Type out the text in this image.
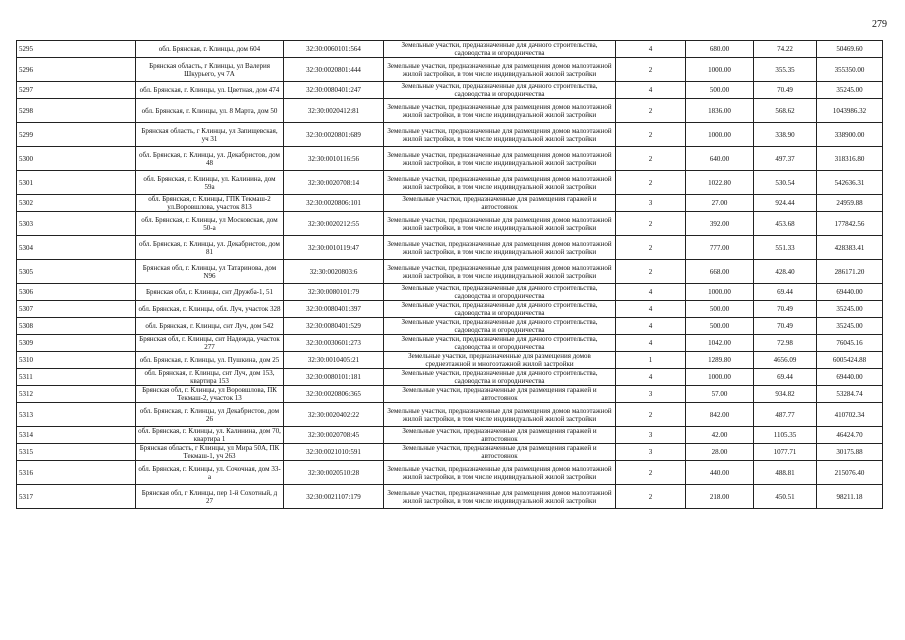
279
5295	обл. Брянская, г. Клинцы, дом 604	32:30:0060101:564	Земельные участки, предназначенные для дачного строительства, садоводства и огородничества	4	680.00	74.22	50469.60
5296	Брянская область, г Клинцы, ул Валерия Шкурьего, уч 7А	32:30:0020801:444	Земельные участки, предназначенные для размещения домов малоэтажной жилой застройки, в том числе индивидуальной жилой застройки	2	1000.00	355.35	355350.00
5297	обл. Брянская, г. Клинцы, ул. Цветная, дом 474	32:30:0080401:247	Земельные участки, предназначенные для дачного строительства, садоводства и огородничества	4	500.00	70.49	35245.00
5298	обл. Брянская, г. Клинцы, ул. 8 Марта, дом 50	32:30:0020412:81	Земельные участки, предназначенные для размещения домов малоэтажной жилой застройки, в том числе индивидуальной жилой застройки	2	1836.00	568.62	1043986.32
5299	Брянская область, г Клинцы, ул Запищевская, уч 31	32:30:0020801:689	Земельные участки, предназначенные для размещения домов малоэтажной жилой застройки, в том числе индивидуальной жилой застройки	2	1000.00	338.90	338900.00
5300	обл. Брянская, г. Клинцы, ул. Декабристов, дом 48	32:30:0010116:56	Земельные участки, предназначенные для размещения домов малоэтажной жилой застройки, в том числе индивидуальной жилой застройки	2	640.00	497.37	318316.80
5301	обл. Брянская, г. Клинцы, ул. Калинина, дом 59а	32:30:0020708:14	Земельные участки, предназначенные для размещения домов малоэтажной жилой застройки, в том числе индивидуальной жилой застройки	2	1022.80	530.54	542636.31
5302	обл. Брянская, г. Клинцы, ГПК Текмаш-2 ул.Воровшлова, участок 813	32:30:0020806:101	Земельные участки, предназначенные для размещения гаражей и автостоянок	3	27.00	924.44	24959.88
5303	обл. Брянская, г. Клинцы, ул Московская, дом 50-а	32:30:0020212:55	Земельные участки, предназначенные для размещения домов малоэтажной жилой застройки, в том числе индивидуальной жилой застройки	2	392.00	453.68	177842.56
5304	обл. Брянская, г. Клинцы, ул. Декабристов, дом 81	32:30:0010119:47	Земельные участки, предназначенные для размещения домов малоэтажной жилой застройки, в том числе индивидуальной жилой застройки	2	777.00	551.33	428383.41
5305	Брянская обл, г. Клинцы, ул Татаринова, дом N96	32:30:0020803:6	Земельные участки, предназначенные для размещения домов малоэтажной жилой застройки, в том числе индивидуальной жилой застройки	2	668.00	428.40	286171.20
5306	Брянская обл, г. Клинцы, снт Дружба-1, 51	32:30:0080101:79	Земельные участки, предназначенные для дачного строительства, садоводства и огородничества	4	1000.00	69.44	69440.00
5307	обл. Брянская, г. Клинцы, обл. Луч, участок 328	32:30:0080401:397	Земельные участки, предназначенные для дачного строительства, садоводства и огородничества	4	500.00	70.49	35245.00
5308	обл. Брянская, г. Клинцы, снт Луч, дом 542	32:30:0080401:529	Земельные участки, предназначенные для дачного строительства, садоводства и огородничества	4	500.00	70.49	35245.00
5309	Брянская обл, г. Клинцы, снт Надежда, участок 277	32:30:0030601:273	Земельные участки, предназначенные для дачного строительства, садоводства и огородничества	4	1042.00	72.98	76045.16
5310	обл. Брянская, г. Клинцы, ул. Пушкина, дом 25	32:30:0010405:21	Земельные участки, предназначенные для размещения домов среднеэтажной и многоэтажной жилой застройки	1	1289.80	4656.09	6005424.88
5311	обл. Брянская, г. Клинцы, снт Луч, дом 153, квартира 153	32:30:0080101:181	Земельные участки, предназначенные для дачного строительства, садоводства и огородничества	4	1000.00	69.44	69440.00
5312	Брянская обл, г. Клинцы, ул Воровшлова, ПК Текмаш-2, участок 13	32:30:0020806:365	Земельные участки, предназначенные для размещения гаражей и автостоянок	3	57.00	934.82	53284.74
5313	обл. Брянская, г. Клинцы, ул Декабристов, дом 26	32:30:0020402:22	Земельные участки, предназначенные для размещения домов малоэтажной жилой застройки, в том числе индивидуальной жилой застройки	2	842.00	487.77	410702.34
5314	обл. Брянская, г. Клинцы, ул. Калинина, дом 70, квартира 1	32:30:0020708:45	Земельные участки, предназначенные для размещения гаражей и автостоянок	3	42.00	1105.35	46424.70
5315	Брянская область, г Клинцы, ул Мира 50А, ПК Текмаш-1, уч 263	32:30:0021010:591	Земельные участки, предназначенные для размещения гаражей и автостоянок	3	28.00	1077.71	30175.88
5316	обл. Брянская, г. Клинцы, ул. Сочочная, дом 33-а	32:30:0020510:28	Земельные участки, предназначенные для размещения домов малоэтажной жилой застройки, в том числе индивидуальной жилой застройки	2	440.00	488.81	215076.40
5317	Брянская обл, г Клинцы, пер 1-й Сохотный, д 27	32:30:0021107:179	Земельные участки, предназначенные для размещения домов малоэтажной жилой застройки, в том числе индивидуальной жилой застройки	2	218.00	450.51	98211.18
